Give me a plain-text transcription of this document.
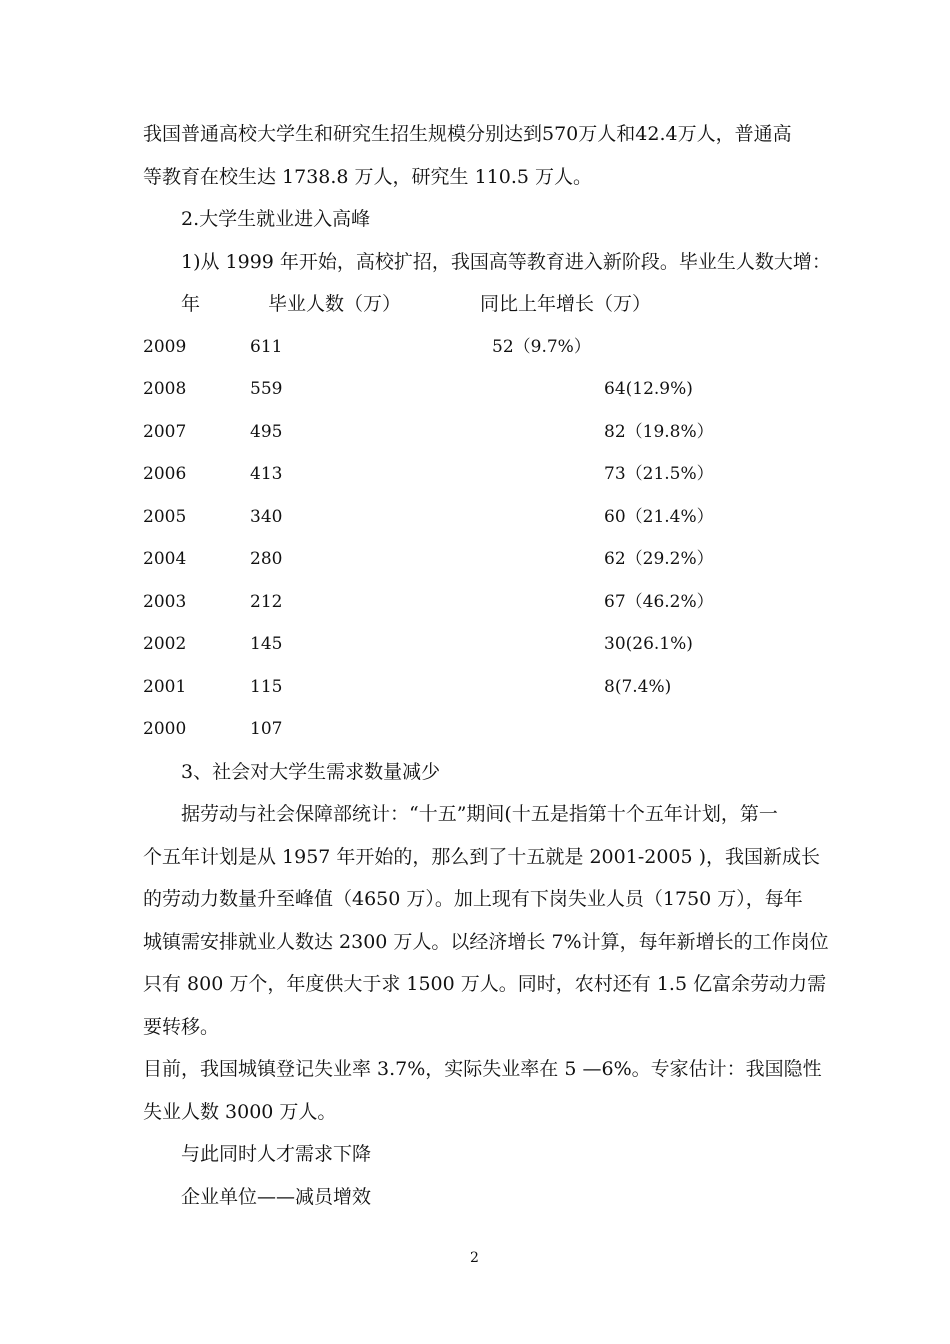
我国普通高校大学生和研究生招生规模分别达到570万人和42.4万人，普通高
等教育在校生达 1738.8 万人，研究生 110.5 万人。
2.大学生就业进入高峰
1)从 1999 年开始，高校扩招，我国高等教育进入新阶段。毕业生人数大增：
年	毕业人数（万）	同比上年增长（万）
2009	611	52（9.7%）
2008	559	64(12.9%)
2007	495	82（19.8%）
2006	413	73（21.5%）
2005	340	60（21.4%）
2004	280	62（29.2%）
2003	212	67（46.2%）
2002	145	30(26.1%)
2001	115	8(7.4%)
2000	107
3、社会对大学生需求数量减少
据劳动与社会保障部统计：“十五”期间(十五是指第十个五年计划，第一
个五年计划是从 1957 年开始的，那么到了十五就是 2001-2005 )，我国新成长
的劳动力数量升至峰值（4650 万）。加上现有下岗失业人员（1750 万），每年
城镇需安排就业人数达 2300 万人。以经济增长 7%计算，每年新增长的工作岗位
只有 800 万个，年度供大于求 1500 万人。同时，农村还有 1.5 亿富余劳动力需
要转移。
目前，我国城镇登记失业率 3.7%，实际失业率在 5 —6%。专家估计：我国隐性
失业人数 3000 万人。
与此同时人才需求下降
企业单位——减员增效
2
